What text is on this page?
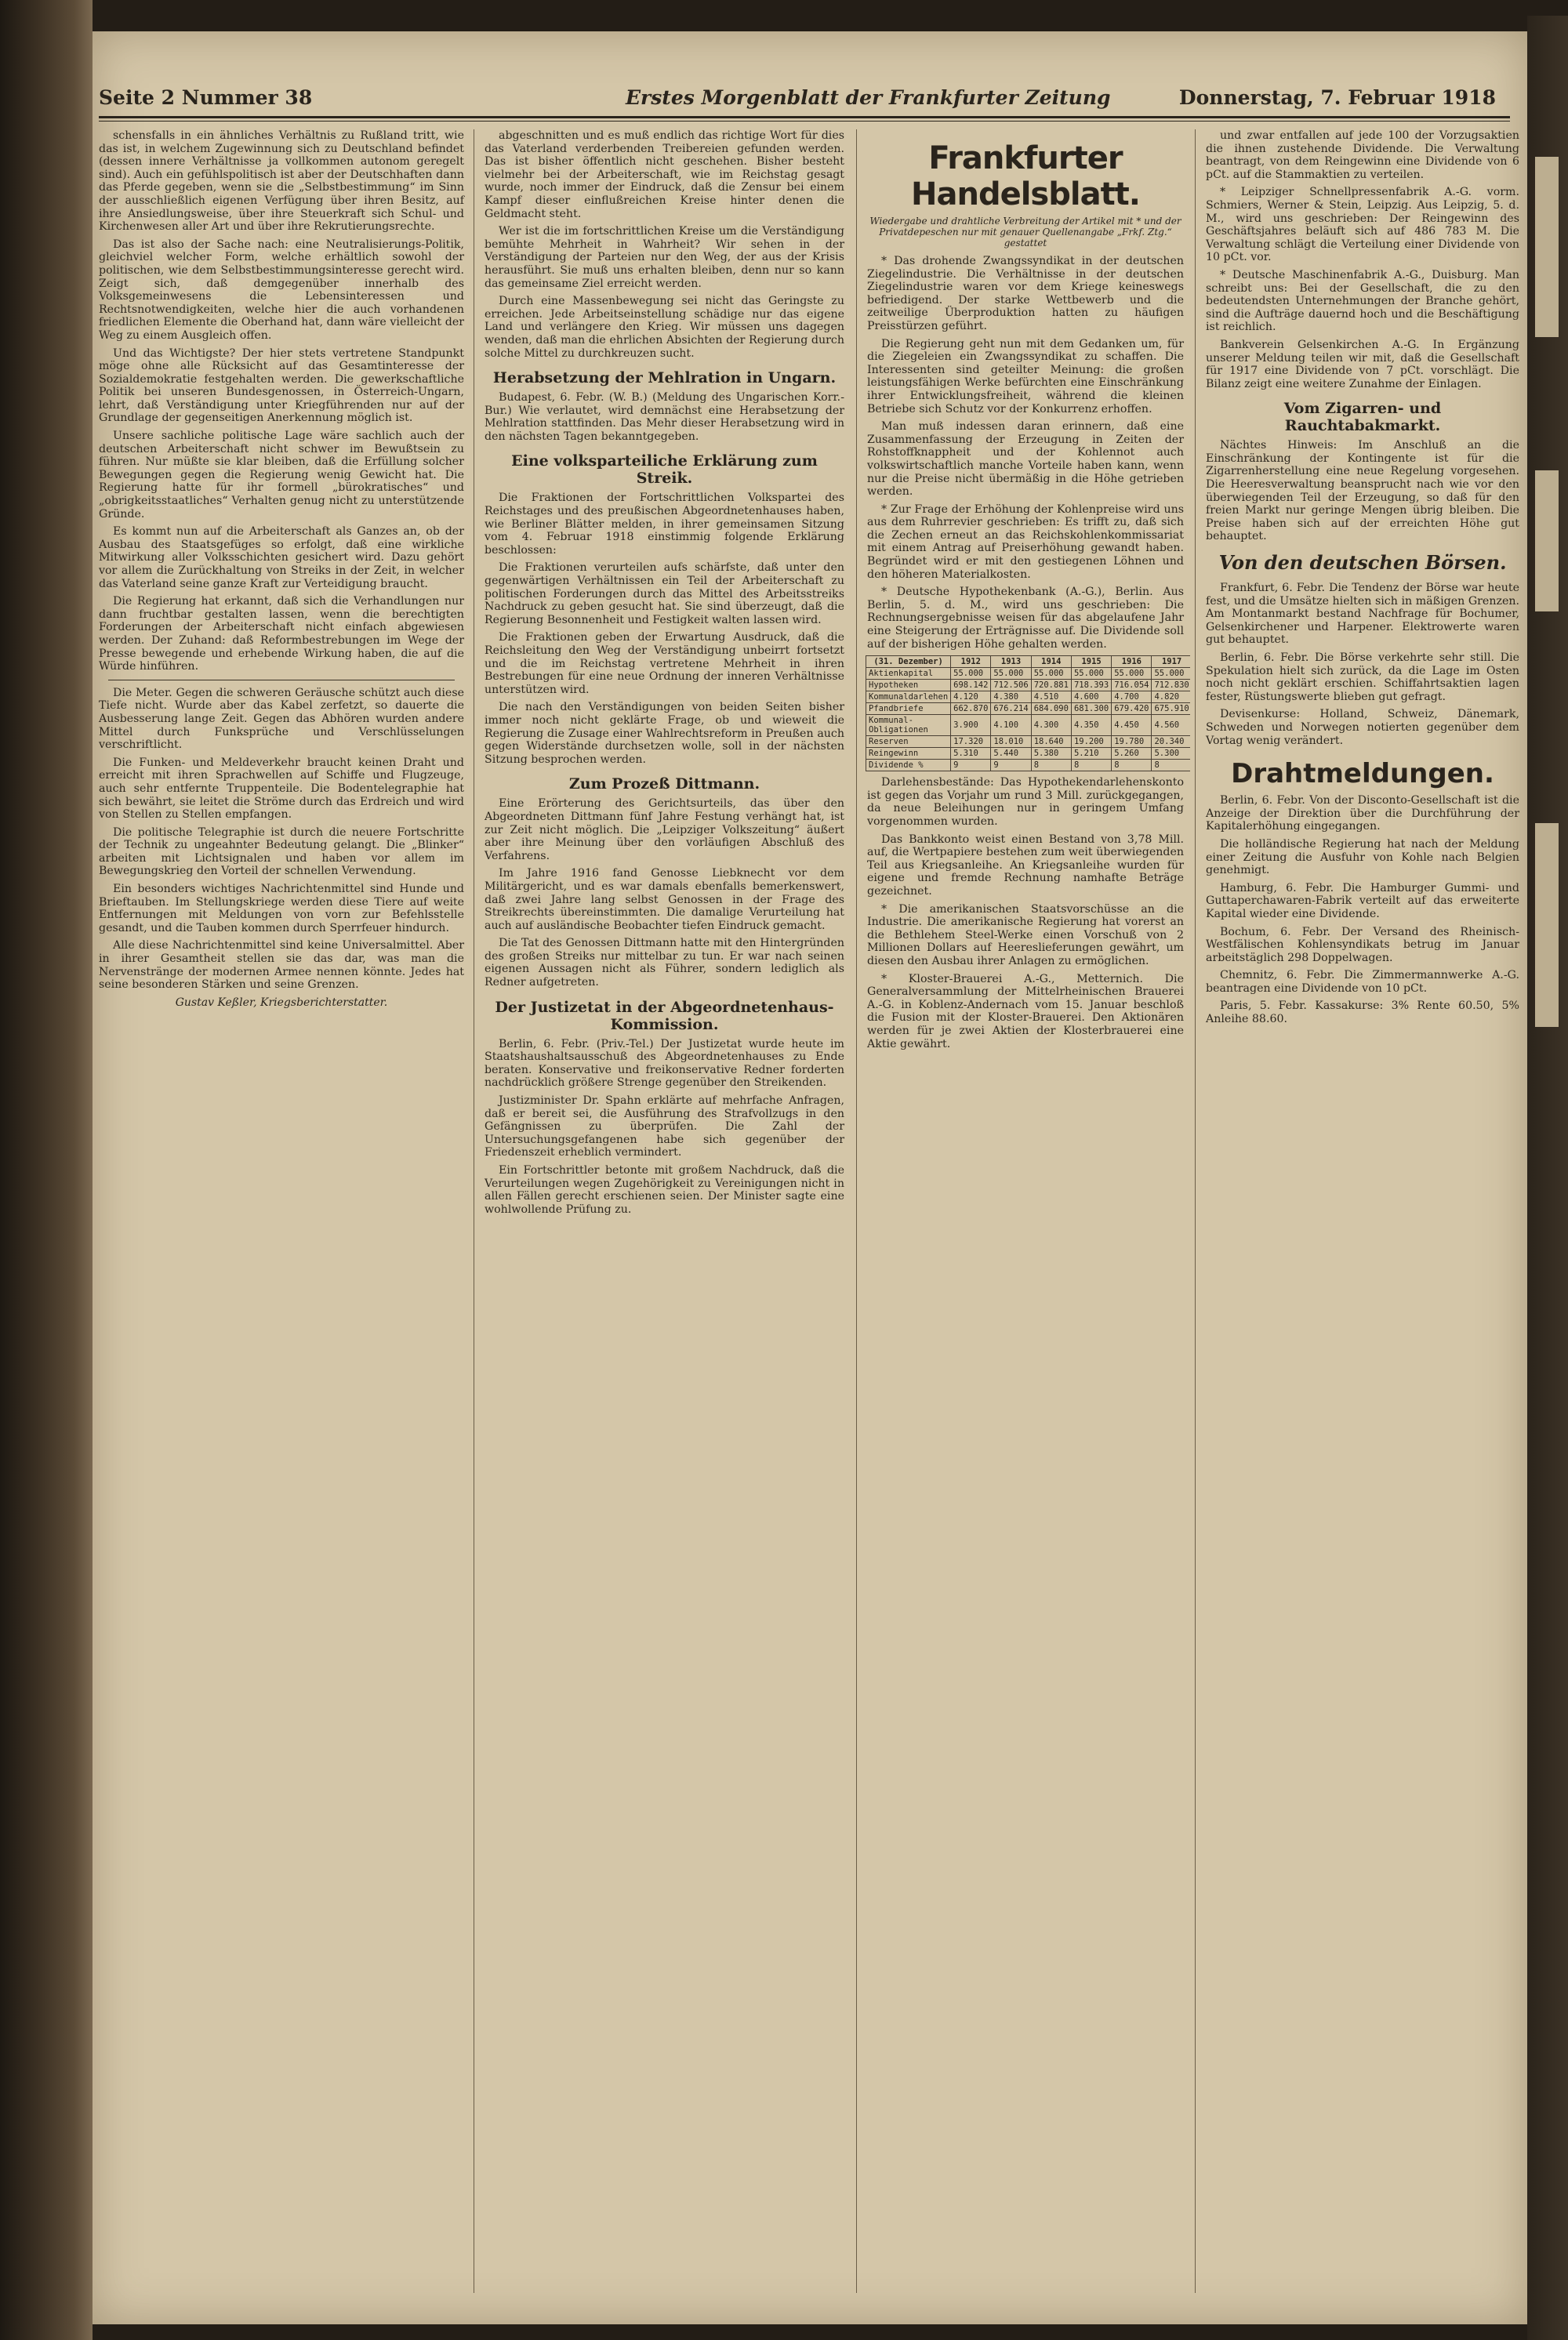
Seite 2 Nummer 38	Erstes Morgenblatt der Frankfurter Zeitung	Donnerstag, 7. Februar 1918

schensfalls in ein ähnliches Verhältnis zu Rußland tritt, wie das ist, in welchem Zugewinnung sich zu Deutschland befindet (dessen innere Verhältnisse ja vollkommen autonom geregelt sind). Auch ein gefühlspolitisch ist aber der Deutschhaften dann das Pferde gegeben, wenn sie die „Selbstbestimmung“ im Sinn der ausschließlich eigenen Verfügung über ihren Besitz, auf ihre Ansiedlungsweise, über ihre Steuerkraft sich Schul- und Kirchenwesen aller Art und über ihre Rekrutierungsrechte.

Das ist also der Sache nach: eine Neutralisierungs-Politik, gleichviel welcher Form, welche erhältlich sowohl der politischen, wie dem Selbstbestimmungsinteresse gerecht wird. Zeigt sich, daß demgegenüber innerhalb des Volksgemeinwesens die Lebensinteressen und Rechtsnotwendigkeiten, welche hier die auch vorhandenen friedlichen Elemente die Oberhand hat, dann wäre vielleicht der Weg zu einem Ausgleich offen.

Und das Wichtigste? Der hier stets vertretene Standpunkt möge ohne alle Rücksicht auf das Gesamtinteresse der Sozialdemokratie festgehalten werden. Die gewerkschaftliche Politik bei unseren Bundesgenossen, in Österreich-Ungarn, lehrt, daß Verständigung unter Kriegführenden nur auf der Grundlage der gegenseitigen Anerkennung möglich ist.

Unsere sachliche politische Lage wäre sachlich auch der deutschen Arbeiterschaft nicht schwer im Bewußtsein zu führen. Nur müßte sie klar bleiben, daß die Erfüllung solcher Bewegungen gegen die Regierung wenig Gewicht hat. Die Regierung hatte für ihr formell „bürokratisches“ und „obrigkeitsstaatliches“ Verhalten genug nicht zu unterstützende Gründe.

Es kommt nun auf die Arbeiterschaft als Ganzes an, ob der Ausbau des Staatsgefüges so erfolgt, daß eine wirkliche Mitwirkung aller Volksschichten gesichert wird. Dazu gehört vor allem die Zurückhaltung von Streiks in der Zeit, in welcher das Vaterland seine ganze Kraft zur Verteidigung braucht.

Die Regierung hat erkannt, daß sich die Verhandlungen nur dann fruchtbar gestalten lassen, wenn die berechtigten Forderungen der Arbeiterschaft nicht einfach abgewiesen werden. Der Zuhand: daß Reformbestrebungen im Wege der Presse bewegende und erhebende Wirkung haben, die auf die Würde hinführen.

Die Meter. Gegen die schweren Geräusche schützt auch diese Tiefe nicht. Wurde aber das Kabel zerfetzt, so dauerte die Ausbesserung lange Zeit. Gegen das Abhören wurden andere Mittel durch Funksprüche und Verschlüsselungen verschriftlicht.

Die Funken- und Meldeverkehr braucht keinen Draht und erreicht mit ihren Sprachwellen auf Schiffe und Flugzeuge, auch sehr entfernte Truppenteile. Die Bodentelegraphie hat sich bewährt, sie leitet die Ströme durch das Erdreich und wird von Stellen zu Stellen empfangen.

Die politische Telegraphie ist durch die neuere Fortschritte der Technik zu ungeahnter Bedeutung gelangt. Die „Blinker“ arbeiten mit Lichtsignalen und haben vor allem im Bewegungskrieg den Vorteil der schnellen Verwendung.

Ein besonders wichtiges Nachrichtenmittel sind Hunde und Brieftauben. Im Stellungskriege werden diese Tiere auf weite Entfernungen mit Meldungen von vorn zur Befehlsstelle gesandt, und die Tauben kommen durch Sperrfeuer hindurch.

Alle diese Nachrichtenmittel sind keine Universalmittel. Aber in ihrer Gesamtheit stellen sie das dar, was man die Nervenstränge der modernen Armee nennen könnte. Jedes hat seine besonderen Stärken und seine Grenzen.

Gustav Keßler, Kriegsberichterstatter.

abgeschnitten und es muß endlich das richtige Wort für dies das Vaterland verderbenden Treibereien gefunden werden. Das ist bisher öffentlich nicht geschehen. Bisher besteht vielmehr bei der Arbeiterschaft, wie im Reichstag gesagt wurde, noch immer der Eindruck, daß die Zensur bei einem Kampf dieser einflußreichen Kreise hinter denen die Geldmacht steht.

Wer ist die im fortschrittlichen Kreise um die Verständigung bemühte Mehrheit in Wahrheit? Wir sehen in der Verständigung der Parteien nur den Weg, der aus der Krisis herausführt. Sie muß uns erhalten bleiben, denn nur so kann das gemeinsame Ziel erreicht werden.

Durch eine Massenbewegung sei nicht das Geringste zu erreichen. Jede Arbeitseinstellung schädige nur das eigene Land und verlängere den Krieg. Wir müssen uns dagegen wenden, daß man die ehrlichen Absichten der Regierung durch solche Mittel zu durchkreuzen sucht.

Herabsetzung der Mehlration in Ungarn.

Budapest, 6. Febr. (W. B.) (Meldung des Ungarischen Korr.-Bur.) Wie verlautet, wird demnächst eine Herabsetzung der Mehlration stattfinden. Das Mehr dieser Herabsetzung wird in den nächsten Tagen bekanntgegeben.

Eine volksparteiliche Erklärung zum Streik.

Die Fraktionen der Fortschrittlichen Volkspartei des Reichstages und des preußischen Abgeordnetenhauses haben, wie Berliner Blätter melden, in ihrer gemeinsamen Sitzung vom 4. Februar 1918 einstimmig folgende Erklärung beschlossen:

Die Fraktionen verurteilen aufs schärfste, daß unter den gegenwärtigen Verhältnissen ein Teil der Arbeiterschaft zu politischen Forderungen durch das Mittel des Arbeitsstreiks Nachdruck zu geben gesucht hat. Sie sind überzeugt, daß die Regierung Besonnenheit und Festigkeit walten lassen wird.

Die Fraktionen geben der Erwartung Ausdruck, daß die Reichsleitung den Weg der Verständigung unbeirrt fortsetzt und die im Reichstag vertretene Mehrheit in ihren Bestrebungen für eine neue Ordnung der inneren Verhältnisse unterstützen wird.

Die nach den Verständigungen von beiden Seiten bisher immer noch nicht geklärte Frage, ob und wieweit die Regierung die Zusage einer Wahlrechtsreform in Preußen auch gegen Widerstände durchsetzen wolle, soll in der nächsten Sitzung besprochen werden.

Zum Prozeß Dittmann.

Eine Erörterung des Gerichtsurteils, das über den Abgeordneten Dittmann fünf Jahre Festung verhängt hat, ist zur Zeit nicht möglich. Die „Leipziger Volkszeitung“ äußert aber ihre Meinung über den vorläufigen Abschluß des Verfahrens.

Im Jahre 1916 fand Genosse Liebknecht vor dem Militärgericht, und es war damals ebenfalls bemerkenswert, daß zwei Jahre lang selbst Genossen in der Frage des Streikrechts übereinstimmten. Die damalige Verurteilung hat auch auf ausländische Beobachter tiefen Eindruck gemacht.

Die Tat des Genossen Dittmann hatte mit den Hintergründen des großen Streiks nur mittelbar zu tun. Er war nach seinen eigenen Aussagen nicht als Führer, sondern lediglich als Redner aufgetreten.

Der Justizetat in der Abgeordnetenhaus-Kommission.

Berlin, 6. Febr. (Priv.-Tel.) Der Justizetat wurde heute im Staatshaushaltsausschuß des Abgeordnetenhauses zu Ende beraten. Konservative und freikonservative Redner forderten nachdrücklich größere Strenge gegenüber den Streikenden.

Justizminister Dr. Spahn erklärte auf mehrfache Anfragen, daß er bereit sei, die Ausführung des Strafvollzugs in den Gefängnissen zu überprüfen. Die Zahl der Untersuchungsgefangenen habe sich gegenüber der Friedenszeit erheblich vermindert.

Ein Fortschrittler betonte mit großem Nachdruck, daß die Verurteilungen wegen Zugehörigkeit zu Vereinigungen nicht in allen Fällen gerecht erschienen seien. Der Minister sagte eine wohlwollende Prüfung zu.

Frankfurter Handelsblatt.
Wiedergabe und drahtliche Verbreitung der Artikel mit * und der Privatdepeschen nur mit genauer Quellenangabe „Frkf. Ztg.“ gestattet

* Das drohende Zwangssyndikat in der deutschen Ziegelindustrie. Die Verhältnisse in der deutschen Ziegelindustrie waren vor dem Kriege keineswegs befriedigend. Der starke Wettbewerb und die zeitweilige Überproduktion hatten zu häufigen Preisstürzen geführt.

Die Regierung geht nun mit dem Gedanken um, für die Ziegeleien ein Zwangssyndikat zu schaffen. Die Interessenten sind geteilter Meinung: die großen leistungsfähigen Werke befürchten eine Einschränkung ihrer Entwicklungsfreiheit, während die kleinen Betriebe sich Schutz vor der Konkurrenz erhoffen.

Man muß indessen daran erinnern, daß eine Zusammenfassung der Erzeugung in Zeiten der Rohstoffknappheit und der Kohlennot auch volkswirtschaftlich manche Vorteile haben kann, wenn nur die Preise nicht übermäßig in die Höhe getrieben werden.

* Zur Frage der Erhöhung der Kohlenpreise wird uns aus dem Ruhrrevier geschrieben: Es trifft zu, daß sich die Zechen erneut an das Reichskohlenkommissariat mit einem Antrag auf Preiserhöhung gewandt haben. Begründet wird er mit den gestiegenen Löhnen und den höheren Materialkosten.

* Deutsche Hypothekenbank (A.-G.), Berlin. Aus Berlin, 5. d. M., wird uns geschrieben: Die Rechnungsergebnisse weisen für das abgelaufene Jahr eine Steigerung der Erträgnisse auf. Die Dividende soll auf der bisherigen Höhe gehalten werden.

(31. Dezember)	1912	1913	1914	1915	1916	1917
Aktienkapital	55.000	55.000	55.000	55.000	55.000	55.000
Hypotheken	698.142	712.506	720.881	718.393	716.054	712.830
Kommunaldarlehen	4.120	4.380	4.510	4.600	4.700	4.820
Pfandbriefe	662.870	676.214	684.090	681.300	679.420	675.910
Kommunal-Obligationen	3.900	4.100	4.300	4.350	4.450	4.560
Reserven	17.320	18.010	18.640	19.200	19.780	20.340
Reingewinn	5.310	5.440	5.380	5.210	5.260	5.300
Dividende %	9	9	8	8	8	8

Darlehensbestände: Das Hypothekendarlehenskonto ist gegen das Vorjahr um rund 3 Mill. zurückgegangen, da neue Beleihungen nur in geringem Umfang vorgenommen wurden.

Das Bankkonto weist einen Bestand von 3,78 Mill. auf, die Wertpapiere bestehen zum weit überwiegenden Teil aus Kriegsanleihe. An Kriegsanleihe wurden für eigene und fremde Rechnung namhafte Beträge gezeichnet.

* Die amerikanischen Staatsvorschüsse an die Industrie. Die amerikanische Regierung hat vorerst an die Bethlehem Steel-Werke einen Vorschuß von 2 Millionen Dollars auf Heereslieferungen gewährt, um diesen den Ausbau ihrer Anlagen zu ermöglichen.

* Kloster-Brauerei A.-G., Metternich. Die Generalversammlung der Mittelrheinischen Brauerei A.-G. in Koblenz-Andernach vom 15. Januar beschloß die Fusion mit der Kloster-Brauerei. Den Aktionären werden für je zwei Aktien der Klosterbrauerei eine Aktie gewährt.

und zwar entfallen auf jede 100 der Vorzugsaktien die ihnen zustehende Dividende. Die Verwaltung beantragt, von dem Reingewinn eine Dividende von 6 pCt. auf die Stammaktien zu verteilen.

* Leipziger Schnellpressenfabrik A.-G. vorm. Schmiers, Werner & Stein, Leipzig. Aus Leipzig, 5. d. M., wird uns geschrieben: Der Reingewinn des Geschäftsjahres beläuft sich auf 486 783 M. Die Verwaltung schlägt die Verteilung einer Dividende von 10 pCt. vor.

* Deutsche Maschinenfabrik A.-G., Duisburg. Man schreibt uns: Bei der Gesellschaft, die zu den bedeutendsten Unternehmungen der Branche gehört, sind die Aufträge dauernd hoch und die Beschäftigung ist reichlich.

Bankverein Gelsenkirchen A.-G. In Ergänzung unserer Meldung teilen wir mit, daß die Gesellschaft für 1917 eine Dividende von 7 pCt. vorschlägt. Die Bilanz zeigt eine weitere Zunahme der Einlagen.

Vom Zigarren- und Rauchtabakmarkt.

Nächtes Hinweis: Im Anschluß an die Einschränkung der Kontingente ist für die Zigarrenherstellung eine neue Regelung vorgesehen. Die Heeresverwaltung beansprucht nach wie vor den überwiegenden Teil der Erzeugung, so daß für den freien Markt nur geringe Mengen übrig bleiben. Die Preise haben sich auf der erreichten Höhe gut behauptet.

Von den deutschen Börsen.

Frankfurt, 6. Febr. Die Tendenz der Börse war heute fest, und die Umsätze hielten sich in mäßigen Grenzen. Am Montanmarkt bestand Nachfrage für Bochumer, Gelsenkirchener und Harpener. Elektrowerte waren gut behauptet.

Berlin, 6. Febr. Die Börse verkehrte sehr still. Die Spekulation hielt sich zurück, da die Lage im Osten noch nicht geklärt erschien. Schiffahrtsaktien lagen fester, Rüstungswerte blieben gut gefragt.

Devisenkurse: Holland, Schweiz, Dänemark, Schweden und Norwegen notierten gegenüber dem Vortag wenig verändert.

Drahtmeldungen.

Berlin, 6. Febr. Von der Disconto-Gesellschaft ist die Anzeige der Direktion über die Durchführung der Kapitalerhöhung eingegangen.

Die holländische Regierung hat nach der Meldung einer Zeitung die Ausfuhr von Kohle nach Belgien genehmigt.

Hamburg, 6. Febr. Die Hamburger Gummi- und Guttaperchawaren-Fabrik verteilt auf das erweiterte Kapital wieder eine Dividende.

Bochum, 6. Febr. Der Versand des Rheinisch-Westfälischen Kohlensyndikats betrug im Januar arbeitstäglich 298 Doppelwagen.

Chemnitz, 6. Febr. Die Zimmermannwerke A.-G. beantragen eine Dividende von 10 pCt.

Paris, 5. Febr. Kassakurse: 3% Rente 60.50, 5% Anleihe 88.60.
